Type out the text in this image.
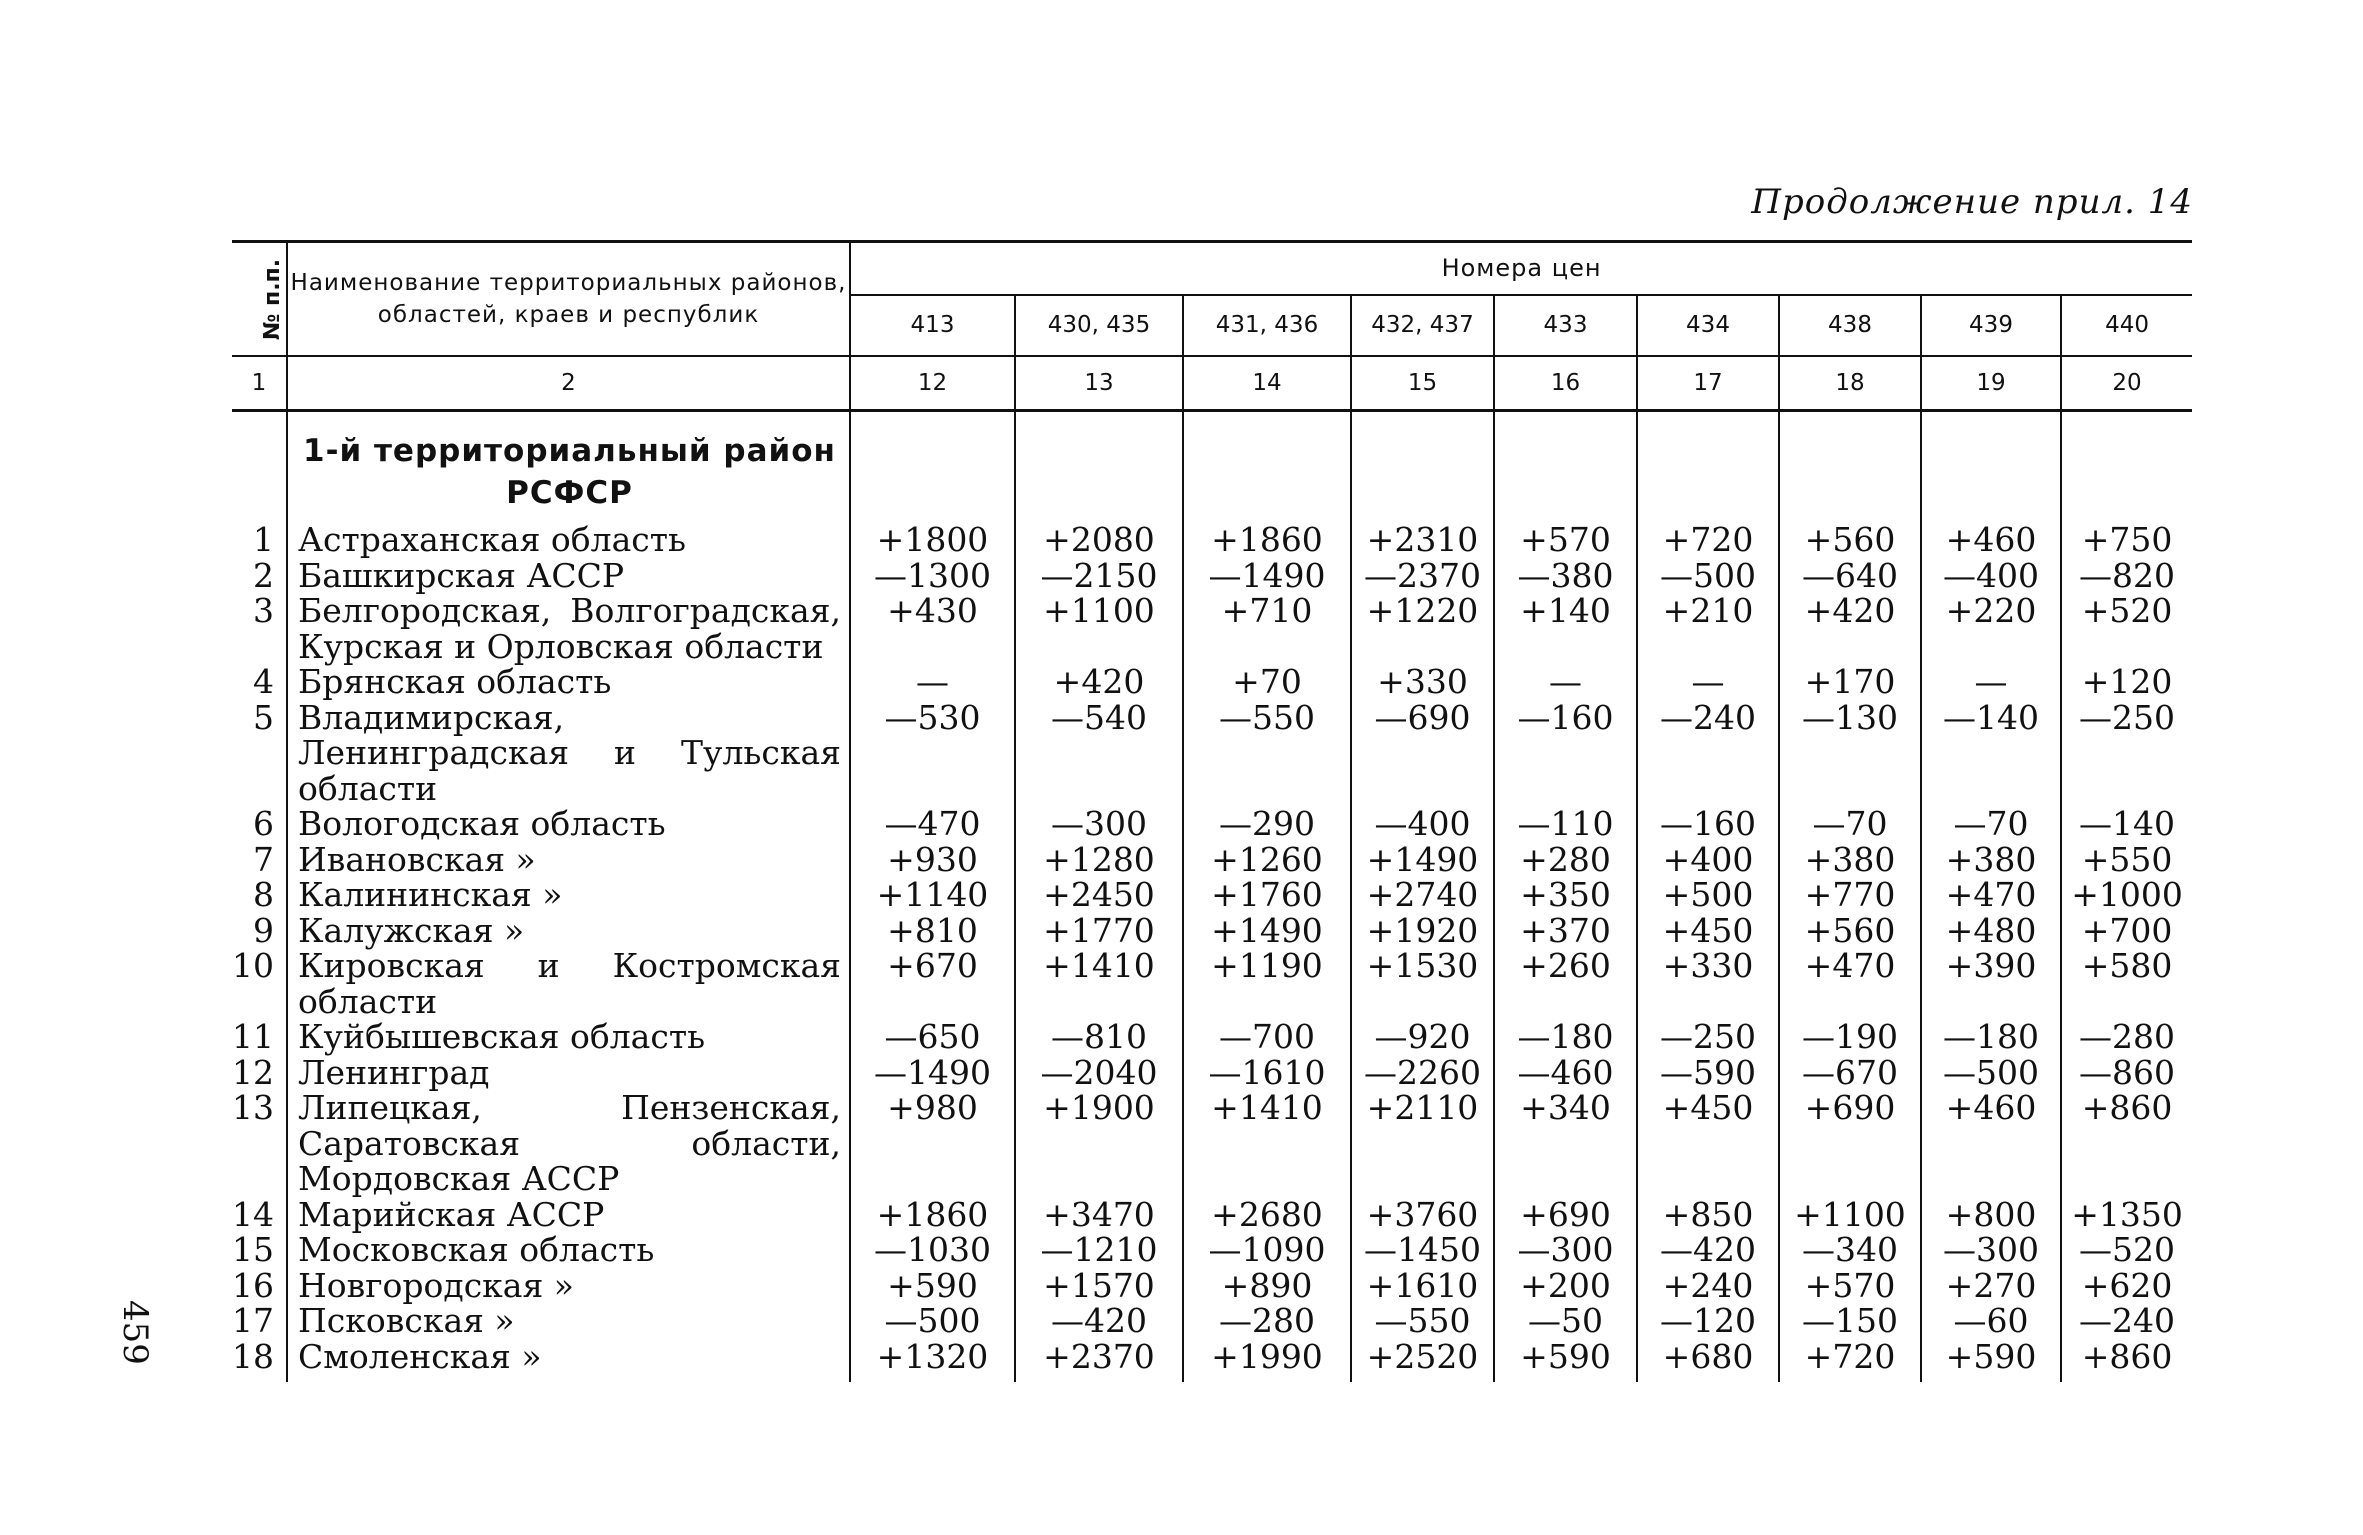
459
Продолжение прил. 14
№ п.п.	Наименование территориальных районов, областей, краев и республик	Номера цен								
		413	430, 435	431, 436	432, 437	433	434	438	439	440
1	2	12	13	14	15	16	17	18	19	20

	1-й территориальный район РСФСР									

1	Астраханская область	+1800	+2080	+1860	+2310	+570	+720	+560	+460	+750
2	Башкирская АССР	—1300	—2150	—1490	—2370	—380	—500	—640	—400	—820
3	Белгородская, Волгоградская, Курская и Орловская области	+430	+1100	+710	+1220	+140	+210	+420	+220	+520
4	Брянская область	—	+420	+70	+330	—	—	+170	—	+120
5	Владимирская, Ленинградская и Тульская области	—530	—540	—550	—690	—160	—240	—130	—140	—250
6	Вологодская область	—470	—300	—290	—400	—110	—160	—70	—70	—140
7	Ивановская »	+930	+1280	+1260	+1490	+280	+400	+380	+380	+550
8	Калининская »	+1140	+2450	+1760	+2740	+350	+500	+770	+470	+1000
9	Калужская »	+810	+1770	+1490	+1920	+370	+450	+560	+480	+700
10	Кировская и Костромская области	+670	+1410	+1190	+1530	+260	+330	+470	+390	+580
11	Куйбышевская область	—650	—810	—700	—920	—180	—250	—190	—180	—280
12	Ленинград	—1490	—2040	—1610	—2260	—460	—590	—670	—500	—860
13	Липецкая, Пензенская, Саратовская области, Мордовская АССР	+980	+1900	+1410	+2110	+340	+450	+690	+460	+860
14	Марийская АССР	+1860	+3470	+2680	+3760	+690	+850	+1100	+800	+1350
15	Московская область	—1030	—1210	—1090	—1450	—300	—420	—340	—300	—520
16	Новгородская »	+590	+1570	+890	+1610	+200	+240	+570	+270	+620
17	Псковская »	—500	—420	—280	—550	—50	—120	—150	—60	—240
18	Смоленская »	+1320	+2370	+1990	+2520	+590	+680	+720	+590	+860
